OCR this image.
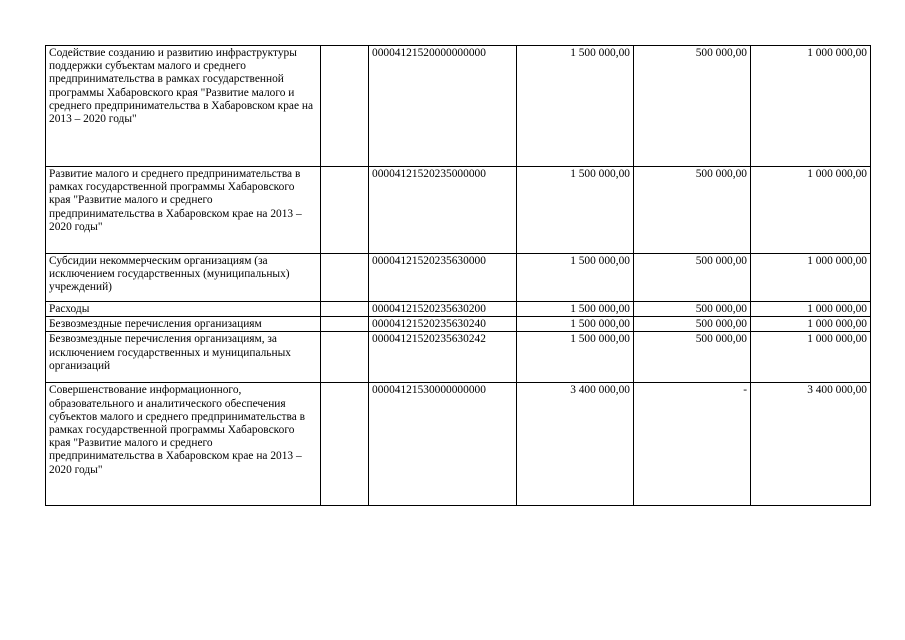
Содействие созданию и развитию инфраструктуры поддержки субъектам малого и среднего предпринимательства в рамках государственной программы Хабаровского края "Развитие малого и среднего предпринимательства в Хабаровском крае на 2013 – 2020 годы"		00004121520000000000	1 500 000,00	500 000,00	1 000 000,00
Развитие малого и среднего предпринимательства в рамках государственной программы Хабаровского края "Развитие малого и среднего предпринимательства в Хабаровском крае на 2013 – 2020 годы"		00004121520235000000	1 500 000,00	500 000,00	1 000 000,00
Субсидии некоммерческим организациям (за исключением государственных (муниципальных) учреждений)		00004121520235630000	1 500 000,00	500 000,00	1 000 000,00
Расходы		00004121520235630200	1 500 000,00	500 000,00	1 000 000,00
Безвозмездные перечисления организациям		00004121520235630240	1 500 000,00	500 000,00	1 000 000,00
Безвозмездные перечисления организациям, за исключением государственных и муниципальных организаций		00004121520235630242	1 500 000,00	500 000,00	1 000 000,00
Совершенствование информационного, образовательного и аналитического обеспечения субъектов малого и среднего предпринимательства в рамках государственной программы Хабаровского края "Развитие малого и среднего предпринимательства в Хабаровском крае на 2013 – 2020 годы"		00004121530000000000	3 400 000,00	-	3 400 000,00
